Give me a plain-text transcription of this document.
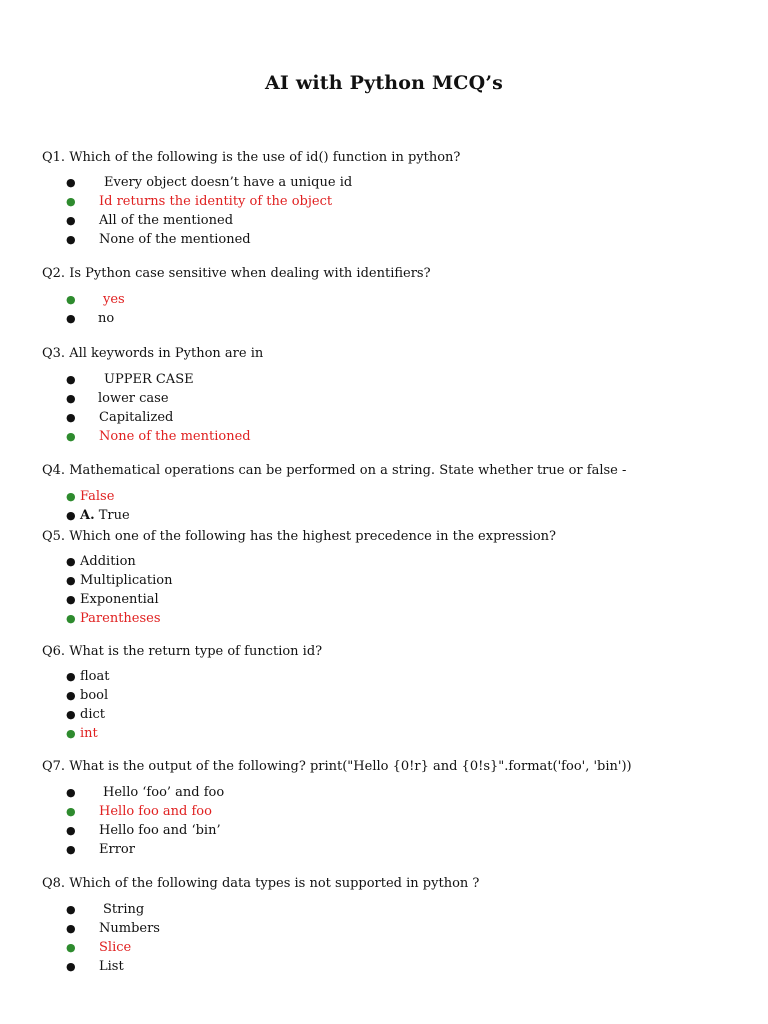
AI with Python MCQ’s
Q1. Which of the following is the use of id() function in python?
● Every object doesn’t have a unique id
● Id returns the identity of the object
● All of the mentioned
● None of the mentioned
Q2. Is Python case sensitive when dealing with identifiers?
● yes
● no
Q3. All keywords in Python are in
● UPPER CASE
● lower case
● Capitalized
● None of the mentioned
Q4. Mathematical operations can be performed on a string. State whether true or false -
● False
● A. True
Q5. Which one of the following has the highest precedence in the expression?
● Addition
● Multiplication
● Exponential
● Parentheses
Q6. What is the return type of function id?
● float
● bool
● dict
● int
Q7. What is the output of the following? print("Hello {0!r} and {0!s}".format('foo', 'bin'))
● Hello ‘foo’ and foo
● Hello foo and foo
● Hello foo and ‘bin’
● Error
Q8. Which of the following data types is not supported in python ?
● String
● Numbers
● Slice
● List
